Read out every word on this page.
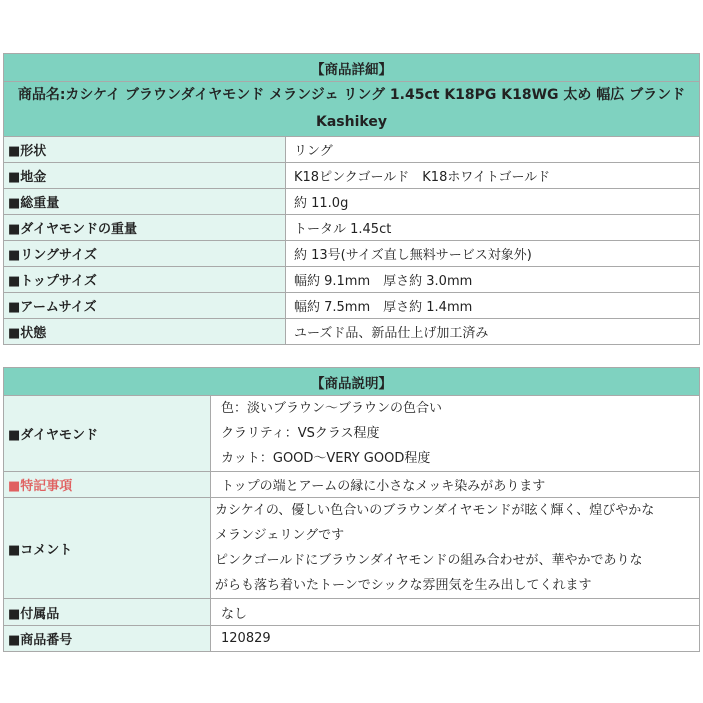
【商品詳細】	
商品名:カシケイ ブラウンダイヤモンド メランジェ リング 1.45ct K18PG K18WG 太め 幅広 ブランド Kashikey	
■形状	リング
■地金	K18ピンクゴールド　K18ホワイトゴールド
■総重量	約 11.0g
■ダイヤモンドの重量	トータル 1.45ct
■リングサイズ	約 13号(サイズ直し無料サービス対象外)
■トップサイズ	幅約 9.1mm　厚さ約 3.0mm
■アームサイズ	幅約 7.5mm　厚さ約 1.4mm
■状態	ユーズド品、新品仕上げ加工済み
【商品説明】	
■ダイヤモンド	色：淡いブラウン～ブラウンの色合い
クラリティ：VSクラス程度
カット：GOOD～VERY GOOD程度

■特記事項	トップの端とアームの縁に小さなメッキ染みがあります
■コメント	カシケイの、優しい色合いのブラウンダイヤモンドが眩く輝く、煌びやかな
メランジェリングです
ピンクゴールドにブラウンダイヤモンドの組み合わせが、華やかでありな
がらも落ち着いたトーンでシックな雰囲気を生み出してくれます

■付属品	なし
■商品番号	120829
